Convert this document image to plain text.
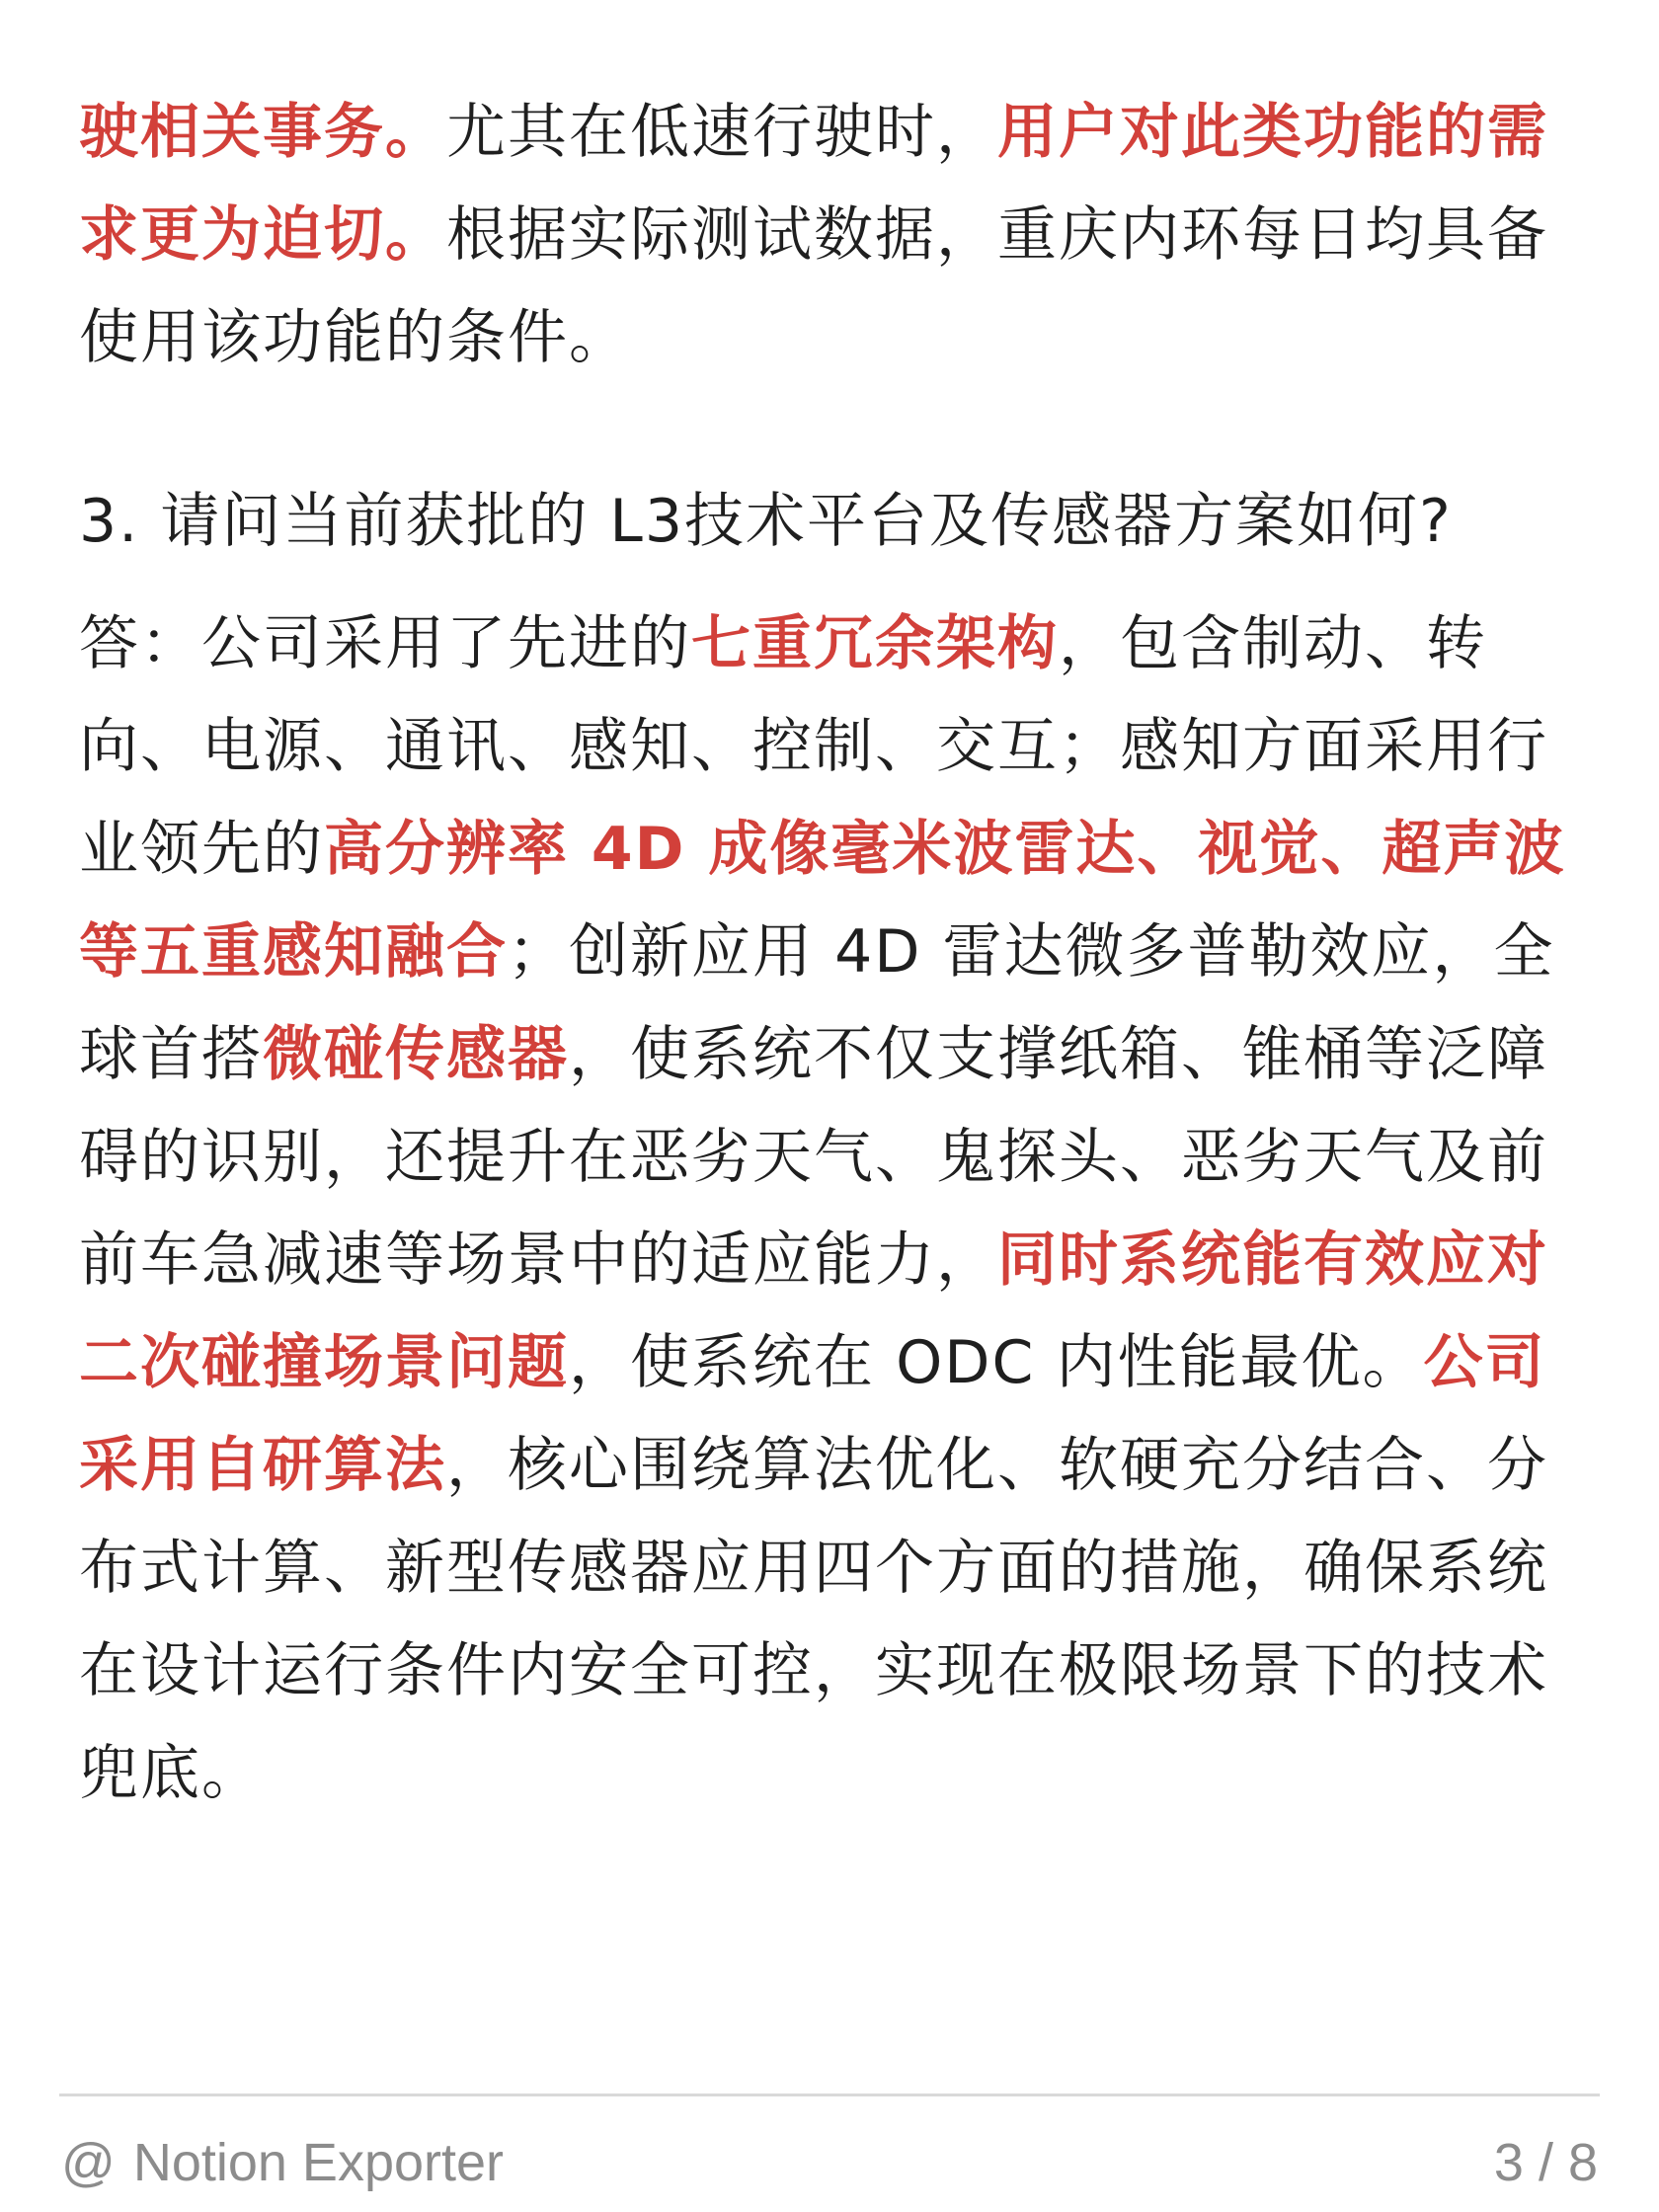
驶相关事务。尤其在低速行驶时，用户对此类功能的需求更为迫切。根据实际测试数据，重庆内环每日均具备使用该功能的条件。

3. 请问当前获批的 L3技术平台及传感器方案如何?

答：公司采用了先进的七重冗余架构，包含制动、转向、电源、通讯、感知、控制、交互；感知方面采用行业领先的高分辨率 4D 成像毫米波雷达、视觉、超声波等五重感知融合；创新应用 4D 雷达微多普勒效应，全球首搭微碰传感器，使系统不仅支撑纸箱、锥桶等泛障碍的识别，还提升在恶劣天气、鬼探头、恶劣天气及前前车急减速等场景中的适应能力，同时系统能有效应对二次碰撞场景问题，使系统在 ODC 内性能最优。公司采用自研算法，核心围绕算法优化、软硬充分结合、分布式计算、新型传感器应用四个方面的措施，确保系统在设计运行条件内安全可控，实现在极限场景下的技术兜底。

@ Notion Exporter	3 / 8
